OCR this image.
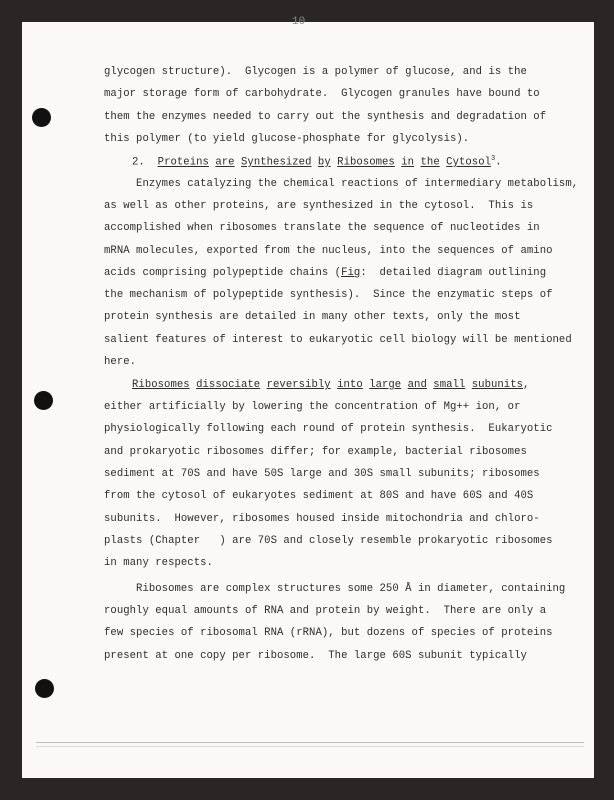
10
glycogen structure).  Glycogen is a polymer of glucose, and is the
major storage form of carbohydrate.  Glycogen granules have bound to
them the enzymes needed to carry out the synthesis and degradation of
this polymer (to yield glucose-phosphate for glycolysis).
2. Proteins are Synthesized by Ribosomes in the Cytosol$^3$.
Enzymes catalyzing the chemical reactions of intermediary metabolism,
as well as other proteins, are synthesized in the cytosol.  This is
accomplished when ribosomes translate the sequence of nucleotides in
mRNA molecules, exported from the nucleus, into the sequences of amino
acids comprising polypeptide chains (Fig:  detailed diagram outlining
the mechanism of polypeptide synthesis).  Since the enzymatic steps of
protein synthesis are detailed in many other texts, only the most
salient features of interest to eukaryotic cell biology will be mentioned
here.
Ribosomes dissociate reversibly into large and small subunits,
either artificially by lowering the concentration of Mg++ ion, or
physiologically following each round of protein synthesis.  Eukaryotic
and prokaryotic ribosomes differ; for example, bacterial ribosomes
sediment at 70S and have 50S large and 30S small subunits; ribosomes
from the cytosol of eukaryotes sediment at 80S and have 60S and 40S
subunits.  However, ribosomes housed inside mitochondria and chloro-
plasts (Chapter   ) are 70S and closely resemble prokaryotic ribosomes
in many respects.
Ribosomes are complex structures some 250 Å in diameter, containing
roughly equal amounts of RNA and protein by weight.  There are only a
few species of ribosomal RNA (rRNA), but dozens of species of proteins
present at one copy per ribosome.  The large 60S subunit typically
